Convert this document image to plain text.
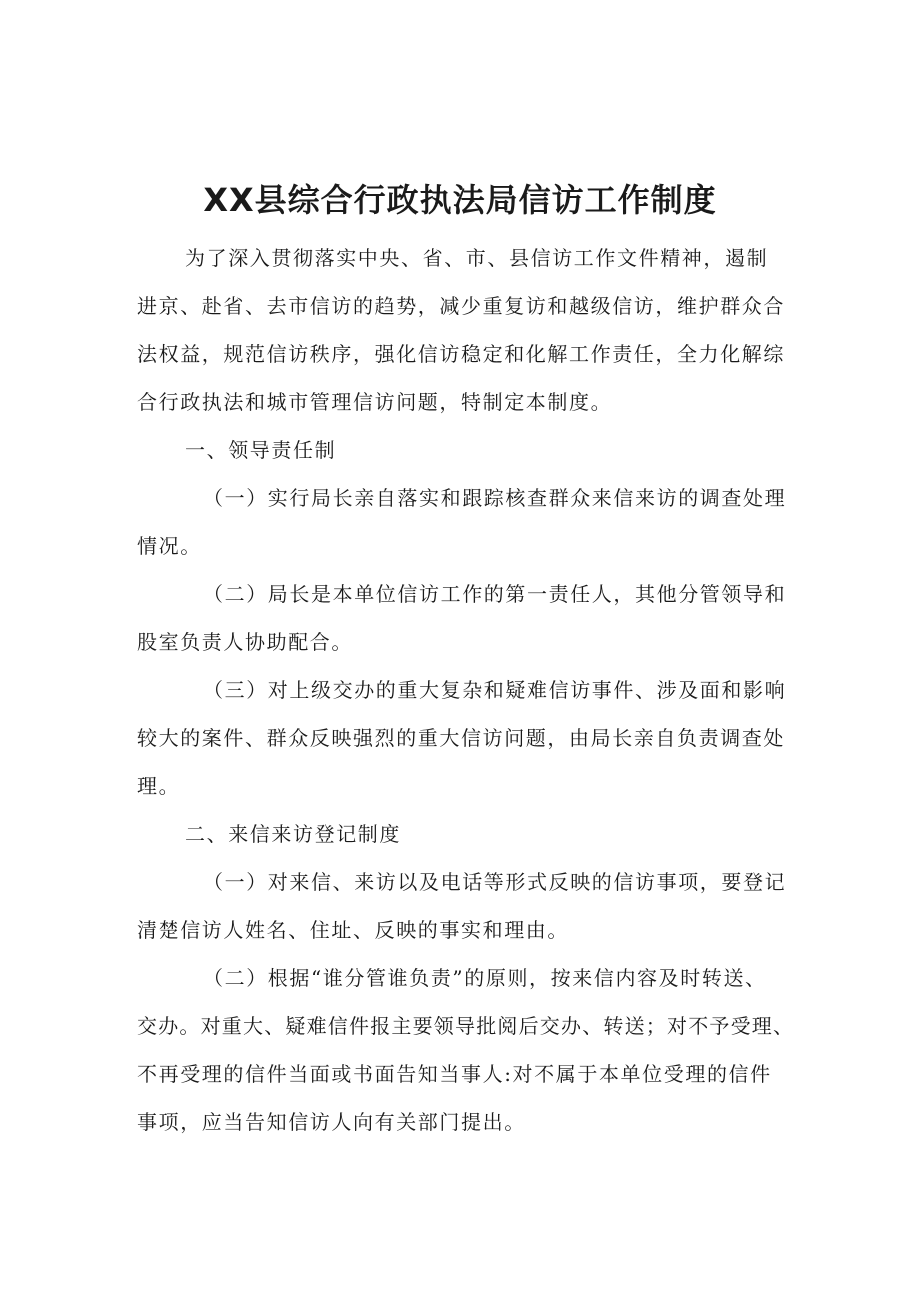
XX县综合行政执法局信访工作制度
为了深入贯彻落实中央、省、市、县信访工作文件精神，遏制
进京、赴省、去市信访的趋势，减少重复访和越级信访，维护群众合
法权益，规范信访秩序，强化信访稳定和化解工作责任，全力化解综
合行政执法和城市管理信访问题，特制定本制度。
一、领导责任制
（一）实行局长亲自落实和跟踪核查群众来信来访的调查处理
情况。
（二）局长是本单位信访工作的第一责任人，其他分管领导和
股室负责人协助配合。
（三）对上级交办的重大复杂和疑难信访事件、涉及面和影响
较大的案件、群众反映强烈的重大信访问题，由局长亲自负责调查处
理。
二、来信来访登记制度
（一）对来信、来访以及电话等形式反映的信访事项，要登记
清楚信访人姓名、住址、反映的事实和理由。
（二）根据“谁分管谁负责”的原则，按来信内容及时转送、
交办。对重大、疑难信件报主要领导批阅后交办、转送；对不予受理、
不再受理的信件当面或书面告知当事人:对不属于本单位受理的信件
事项，应当告知信访人向有关部门提出。
